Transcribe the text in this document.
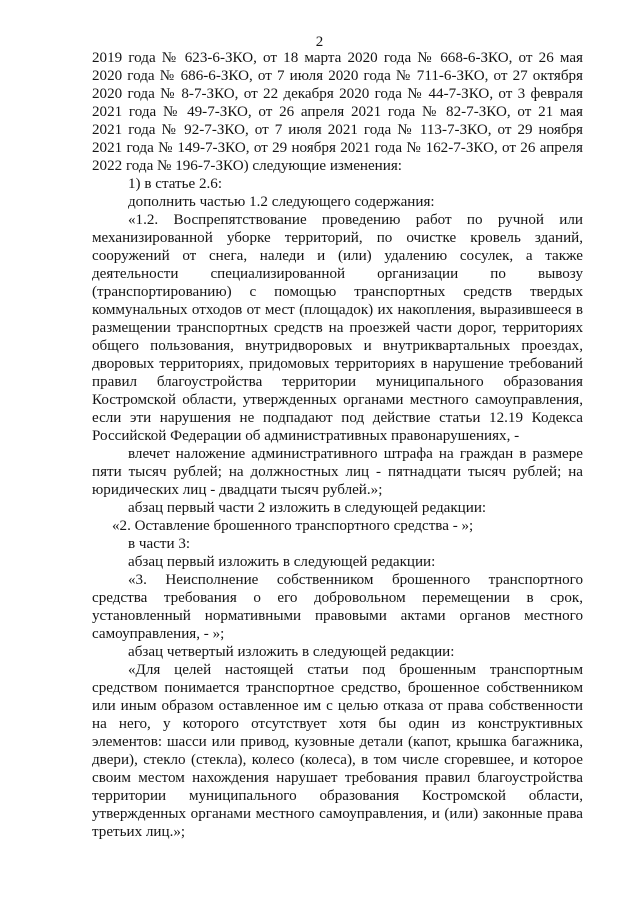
2
2019 года № 623-6-ЗКО, от 18 марта 2020 года № 668-6-ЗКО, от 26 мая
2020 года № 686-6-ЗКО, от 7 июля 2020 года № 711-6-ЗКО, от 27 октября
2020 года № 8-7-ЗКО, от 22 декабря 2020 года № 44-7-ЗКО, от 3 февраля
2021 года № 49-7-ЗКО, от 26 апреля 2021 года № 82-7-ЗКО, от 21 мая
2021 года № 92-7-ЗКО, от 7 июля 2021 года № 113-7-ЗКО, от 29 ноября
2021 года № 149-7-ЗКО, от 29 ноября 2021 года № 162-7-ЗКО, от 26 апреля
2022 года № 196-7-ЗКО) следующие изменения:
1) в статье 2.6:
дополнить частью 1.2 следующего содержания:
«1.2. Воспрепятствование проведению работ по ручной или
механизированной уборке территорий, по очистке кровель зданий,
сооружений от снега, наледи и (или) удалению сосулек, а также
деятельности специализированной организации по вывозу
(транспортированию) с помощью транспортных средств твердых
коммунальных отходов от мест (площадок) их накопления, выразившееся в
размещении транспортных средств на проезжей части дорог, территориях
общего пользования, внутридворовых и внутриквартальных проездах,
дворовых территориях, придомовых территориях в нарушение требований
правил благоустройства территории муниципального образования
Костромской области, утвержденных органами местного самоуправления,
если эти нарушения не подпадают под действие статьи 12.19 Кодекса
Российской Федерации об административных правонарушениях, -
влечет наложение административного штрафа на граждан в размере
пяти тысяч рублей; на должностных лиц - пятнадцати тысяч рублей; на
юридических лиц - двадцати тысяч рублей.»;
абзац первый части 2 изложить в следующей редакции:
«2. Оставление брошенного транспортного средства - »;
в части 3:
абзац первый изложить в следующей редакции:
«3. Неисполнение собственником брошенного транспортного
средства требования о его добровольном перемещении в срок,
установленный нормативными правовыми актами органов местного
самоуправления, - »;
абзац четвертый изложить в следующей редакции:
«Для целей настоящей статьи под брошенным транспортным
средством понимается транспортное средство, брошенное собственником
или иным образом оставленное им с целью отказа от права собственности
на него, у которого отсутствует хотя бы один из конструктивных
элементов: шасси или привод, кузовные детали (капот, крышка багажника,
двери), стекло (стекла), колесо (колеса), в том числе сгоревшее, и которое
своим местом нахождения нарушает требования правил благоустройства
территории муниципального образования Костромской области,
утвержденных органами местного самоуправления, и (или) законные права
третьих лиц.»;
